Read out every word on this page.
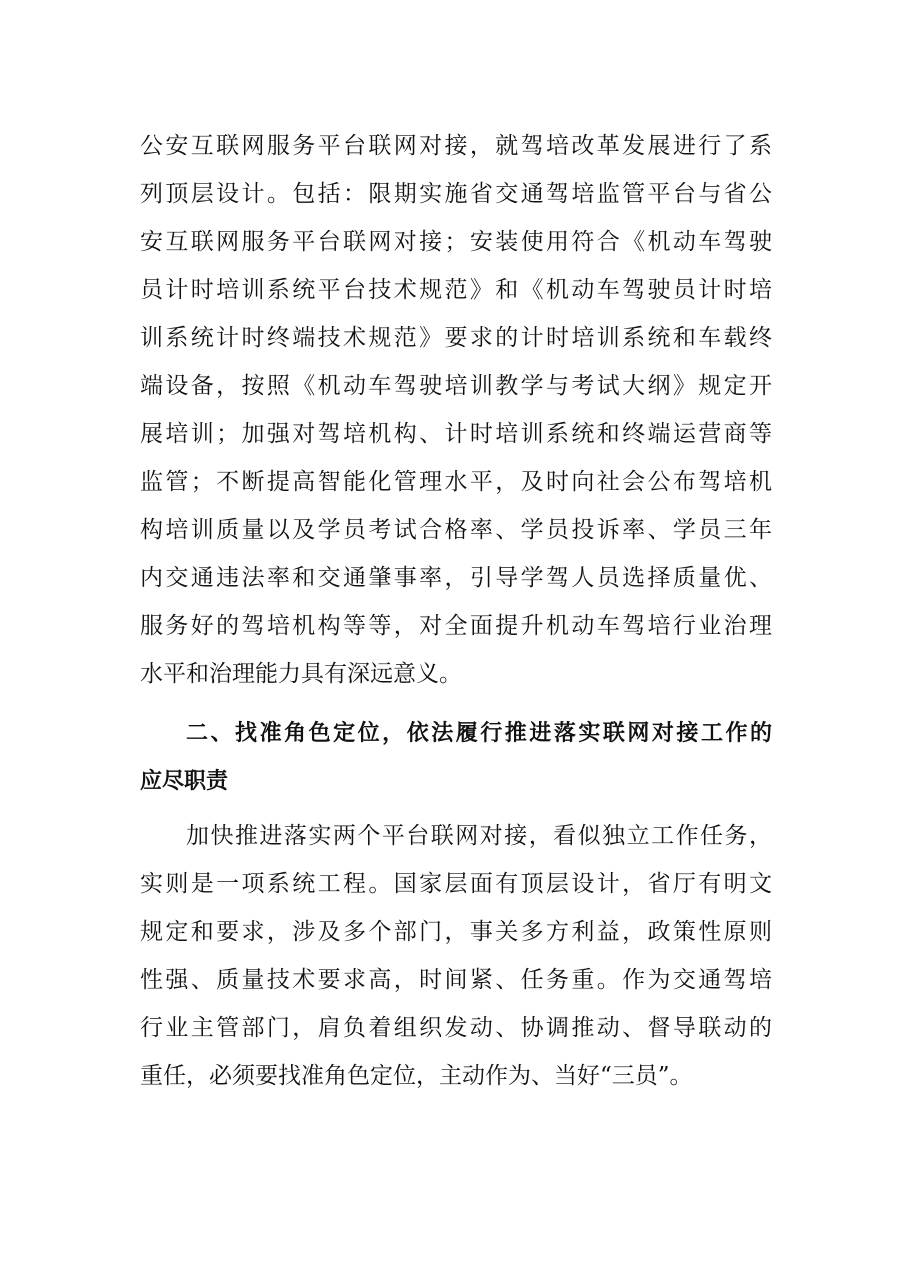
公安互联网服务平台联网对接，就驾培改革发展进行了系
列顶层设计。包括：限期实施省交通驾培监管平台与省公
安互联网服务平台联网对接；安装使用符合《机动车驾驶
员计时培训系统平台技术规范》和《机动车驾驶员计时培
训系统计时终端技术规范》要求的计时培训系统和车载终
端设备，按照《机动车驾驶培训教学与考试大纲》规定开
展培训；加强对驾培机构、计时培训系统和终端运营商等
监管；不断提高智能化管理水平，及时向社会公布驾培机
构培训质量以及学员考试合格率、学员投诉率、学员三年
内交通违法率和交通肇事率，引导学驾人员选择质量优、
服务好的驾培机构等等，对全面提升机动车驾培行业治理
水平和治理能力具有深远意义。
二、找准角色定位，依法履行推进落实联网对接工作的
应尽职责
加快推进落实两个平台联网对接，看似独立工作任务，
实则是一项系统工程。国家层面有顶层设计，省厅有明文
规定和要求，涉及多个部门，事关多方利益，政策性原则
性强、质量技术要求高，时间紧、任务重。作为交通驾培
行业主管部门，肩负着组织发动、协调推动、督导联动的
重任，必须要找准角色定位，主动作为、当好“三员”。
